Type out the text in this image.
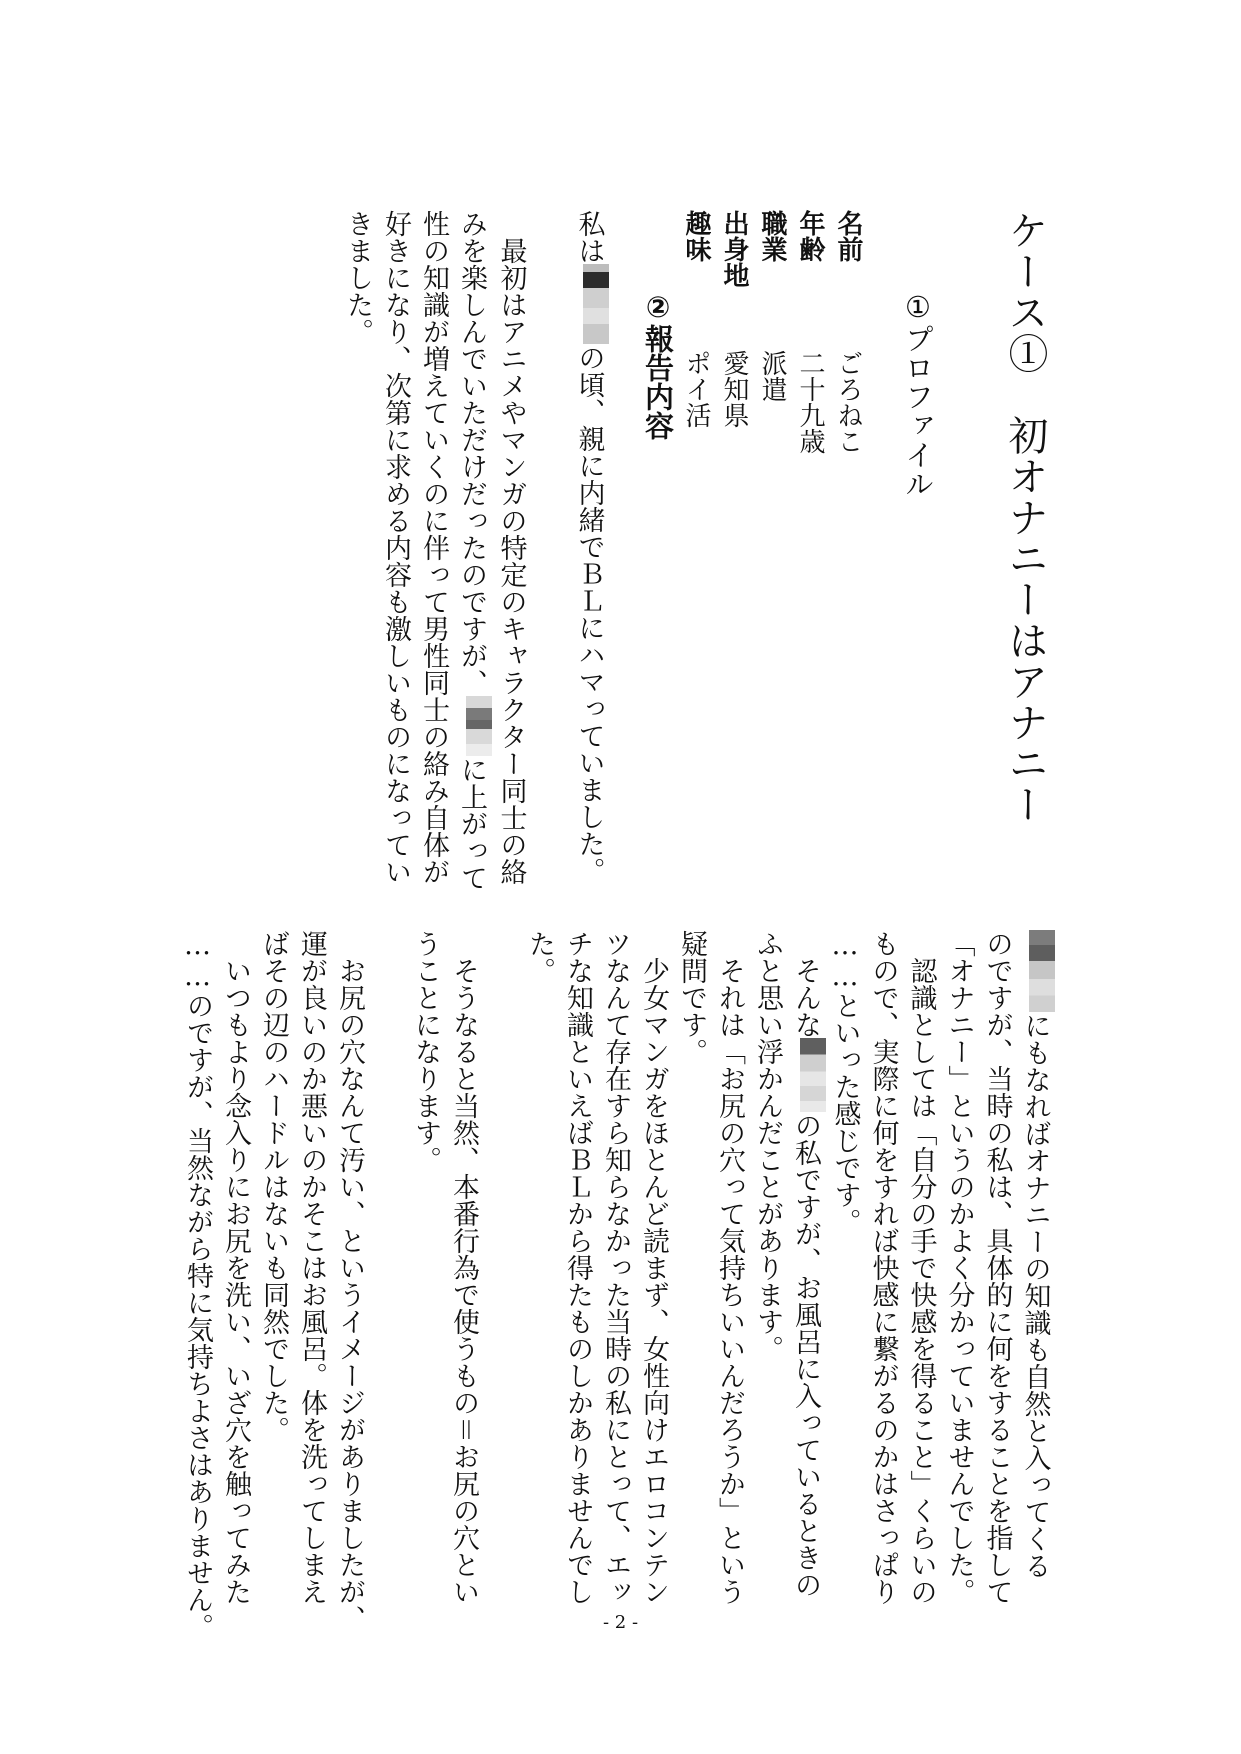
ケース①　初オナニーはアナニー
①プロファイル
名前ごろねこ
年齢二十九歳
職業派遣
出身地愛知県
趣味ポイ活
②報告内容
私はの頃、親に内緒でＢＬにハマっていました。
　最初はアニメやマンガの特定のキャラクター同士の絡
みを楽しんでいただけだったのですが、に上がって
性の知識が増えていくのに伴って男性同士の絡み自体が
好きになり、次第に求める内容も激しいものになってい
きました。
にもなればオナニーの知識も自然と入ってくる
のですが、当時の私は、具体的に何をすることを指して
「オナニー」というのかよく分かっていませんでした。
　認識としては「自分の手で快感を得ること」くらいの
もので、実際に何をすれば快感に繋がるのかはさっぱり
……といった感じです。
　そんなの私ですが、お風呂に入っているときの
ふと思い浮かんだことがあります。
　それは「お尻の穴って気持ちいいんだろうか」という
疑問です。
　少女マンガをほとんど読まず、女性向けエロコンテン
ツなんて存在すら知らなかった当時の私にとって、エッ
チな知識といえばＢＬから得たものしかありませんでし
た。
　そうなると当然、本番行為で使うもの＝お尻の穴とい
うことになります。
　お尻の穴なんて汚い、というイメージがありましたが、
運が良いのか悪いのかそこはお風呂。体を洗ってしまえ
ばその辺のハードルはないも同然でした。
　いつもより念入りにお尻を洗い、いざ穴を触ってみた
……のですが、当然ながら特に気持ちよさはありません。	- 2 -
